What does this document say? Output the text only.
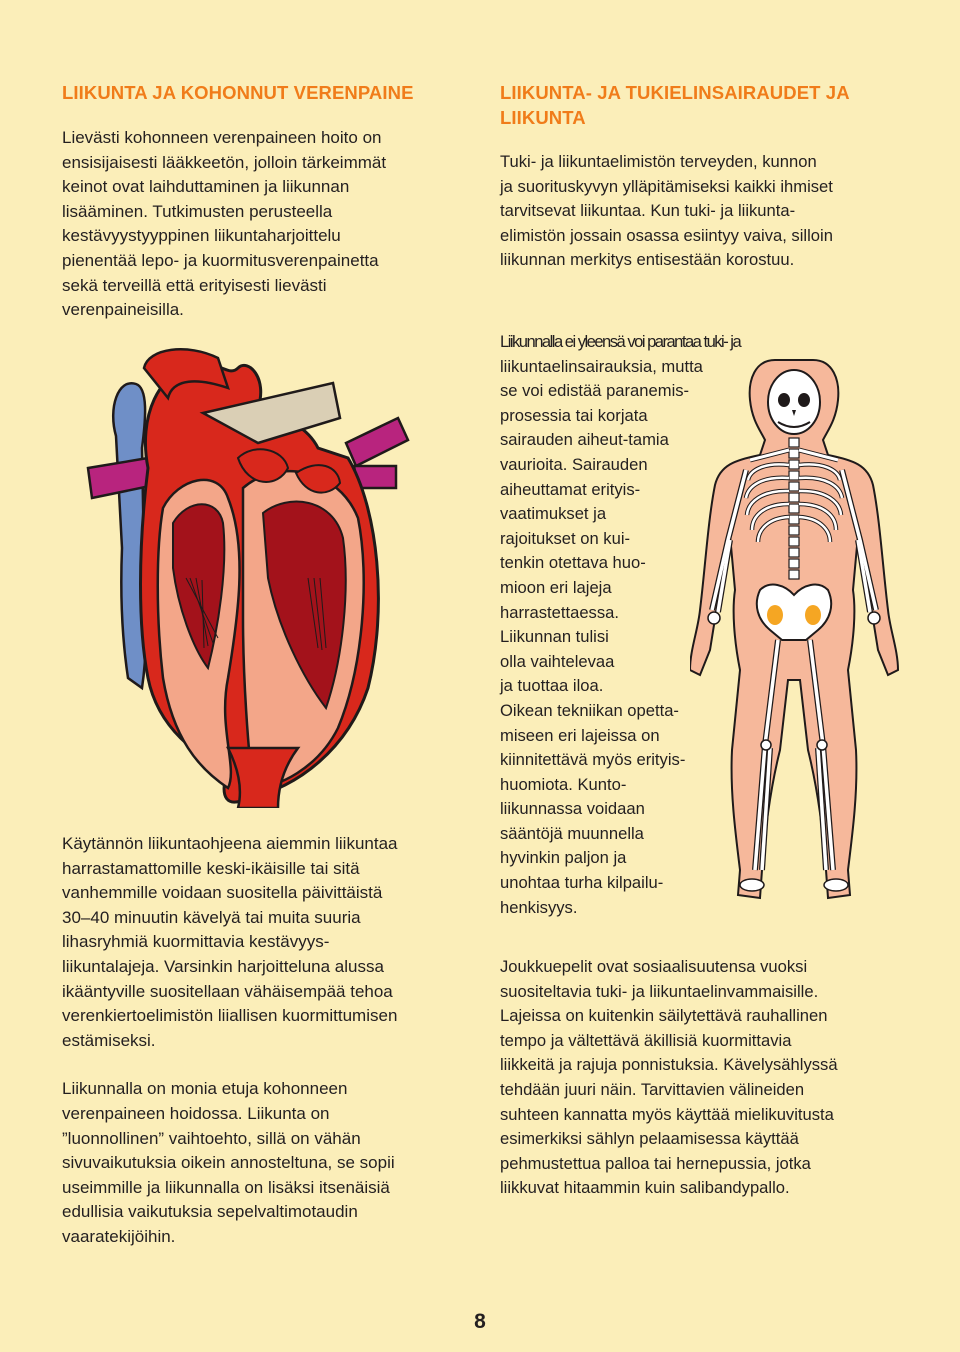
LIIKUNTA JA KOHONNUT VERENPAINE

Lievästi kohonneen verenpaineen hoito on
ensisijaisesti lääkkeetön, jolloin tärkeimmät
keinot ovat laihduttaminen ja liikunnan
lisääminen. Tutkimusten perusteella
kestävyystyyppinen liikuntaharjoittelu
pienentää lepo- ja kuormitusverenpainetta
sekä terveillä että erityisesti lievästi
verenpaineisilla.

Käytännön liikuntaohjeena aiemmin liikuntaa
harrastamattomille keski-ikäisille tai sitä
vanhemmille voidaan suositella päivittäistä
30–40 minuutin kävelyä tai muita suuria
lihasryhmiä kuormittavia kestävyys-
liikuntalajeja. Varsinkin harjoitteluna alussa
ikääntyville suositellaan vähäisempää tehoa
verenkiertoelimistön liiallisen kuormittumisen
estämiseksi.

Liikunnalla on monia etuja kohonneen
verenpaineen hoidossa. Liikunta on
”luonnollinen” vaihtoehto, sillä on vähän
sivuvaikutuksia oikein annosteltuna, se sopii
useimmille ja liikunnalla on lisäksi itsenäisiä
edullisia vaikutuksia sepelvaltimotaudin
vaaratekijöihin.

LIIKUNTA- JA TUKIELINSAIRAUDET JA
LIIKUNTA

Tuki- ja liikuntaelimistön terveyden, kunnon
ja suorituskyvyn ylläpitämiseksi kaikki ihmiset
tarvitsevat liikuntaa. Kun tuki- ja liikunta-
elimistön jossain osassa esiintyy vaiva, silloin
liikunnan merkitys entisestään korostuu.

Liikunnalla ei yleensä voi parantaa tuki- ja
liikuntaelinsairauksia, mutta
se voi edistää paranemis-
prosessia tai korjata
sairauden aiheut-tamia
vaurioita. Sairauden
aiheuttamat erityis-
vaatimukset ja
rajoitukset on kui-
tenkin otettava huo-
mioon eri lajeja
harrastettaessa.
Liikunnan tulisi
olla vaihtelevaa
ja tuottaa iloa.
Oikean tekniikan opetta-
miseen eri lajeissa on
kiinnitettävä myös erityis-
huomiota. Kunto-
liikunnassa voidaan
sääntöjä muunnella
hyvinkin paljon ja
unohtaa turha kilpailu-
henkisyys.

Joukkuepelit ovat sosiaalisuutensa vuoksi
suositeltavia tuki- ja liikuntaelinvammaisille.
Lajeissa on kuitenkin säilytettävä rauhallinen
tempo ja vältettävä äkillisiä kuormittavia
liikkeitä ja rajuja ponnistuksia. Kävelysählyssä
tehdään juuri näin. Tarvittavien välineiden
suhteen kannatta myös käyttää mielikuvitusta
esimerkiksi sählyn pelaamisessa käyttää
pehmustettua palloa tai hernepussia, jotka
liikkuvat hitaammin kuin salibandypallo.

8
